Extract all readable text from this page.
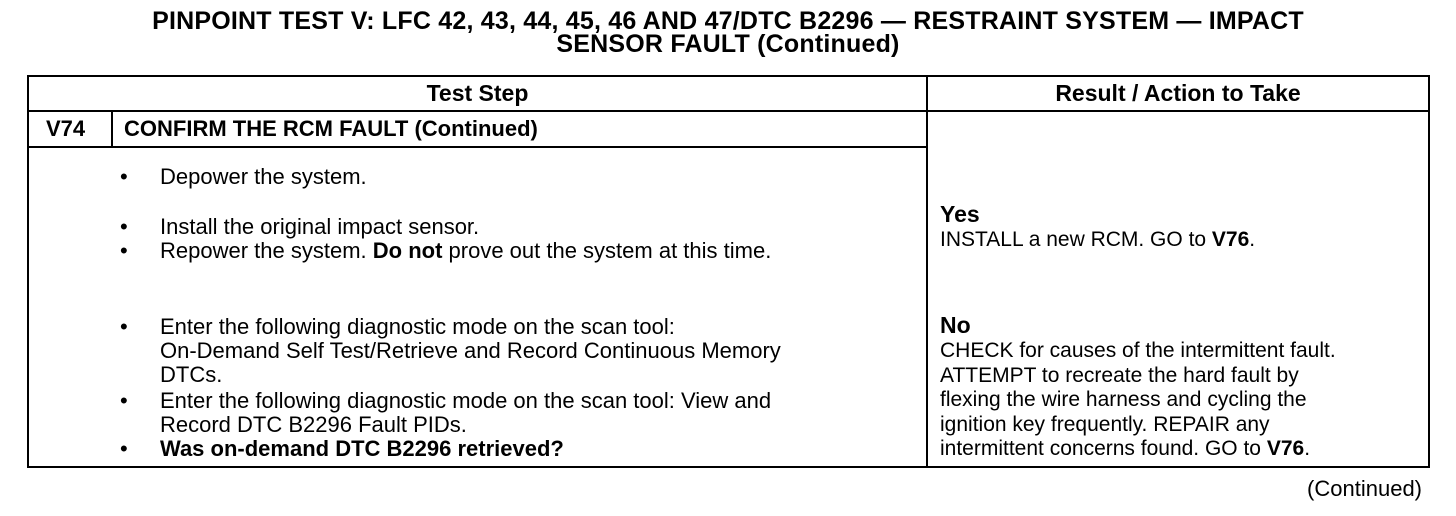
PINPOINT TEST V: LFC 42, 43, 44, 45, 46 AND 47/DTC B2296 — RESTRAINT SYSTEM — IMPACT
SENSOR FAULT (Continued)
Test Step	Result / Action to Take
V74 CONFIRM THE RCM FAULT (Continued)
• Depower the system.
• Install the original impact sensor.
• Repower the system. Do not prove out the system at this time.
• Enter the following diagnostic mode on the scan tool:
On-Demand Self Test/Retrieve and Record Continuous Memory
DTCs.
• Enter the following diagnostic mode on the scan tool: View and
Record DTC B2296 Fault PIDs.
• Was on-demand DTC B2296 retrieved?
Yes
INSTALL a new RCM. GO to V76.
No
CHECK for causes of the intermittent fault.
ATTEMPT to recreate the hard fault by
flexing the wire harness and cycling the
ignition key frequently. REPAIR any
intermittent concerns found. GO to V76.
(Continued)
